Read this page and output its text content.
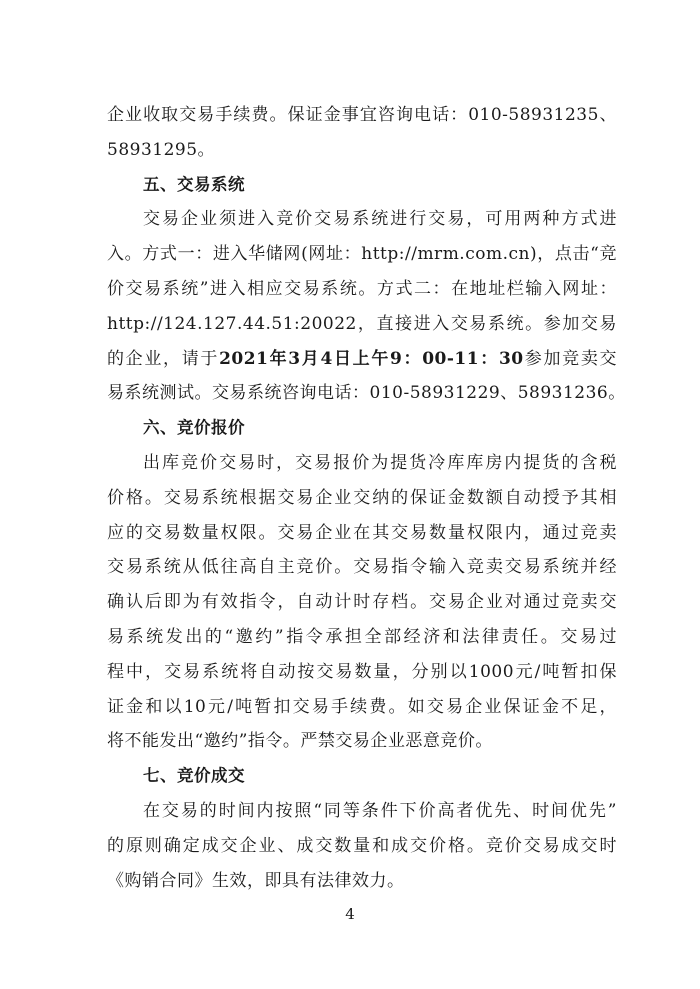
企业收取交易手续费。保证金事宜咨询电话：010-58931235、
58931295。
五、交易系统
交易企业须进入竞价交易系统进行交易，可用两种方式进
入。方式一：进入华储网(网址：http://mrm.com.cn)，点击“竞
价交易系统”进入相应交易系统。方式二：在地址栏输入网址：
http://124.127.44.51:20022，直接进入交易系统。参加交易
的企业，请于2021年3月4日上午9：00-11：30参加竞卖交
易系统测试。交易系统咨询电话：010-58931229、58931236。
六、竞价报价
出库竞价交易时，交易报价为提货冷库库房内提货的含税
价格。交易系统根据交易企业交纳的保证金数额自动授予其相
应的交易数量权限。交易企业在其交易数量权限内，通过竞卖
交易系统从低往高自主竞价。交易指令输入竞卖交易系统并经
确认后即为有效指令，自动计时存档。交易企业对通过竞卖交
易系统发出的“邀约”指令承担全部经济和法律责任。交易过
程中，交易系统将自动按交易数量，分别以1000元/吨暂扣保
证金和以10元/吨暂扣交易手续费。如交易企业保证金不足，
将不能发出“邀约”指令。严禁交易企业恶意竞价。
七、竞价成交
在交易的时间内按照“同等条件下价高者优先、时间优先”
的原则确定成交企业、成交数量和成交价格。竞价交易成交时
《购销合同》生效，即具有法律效力。
4
